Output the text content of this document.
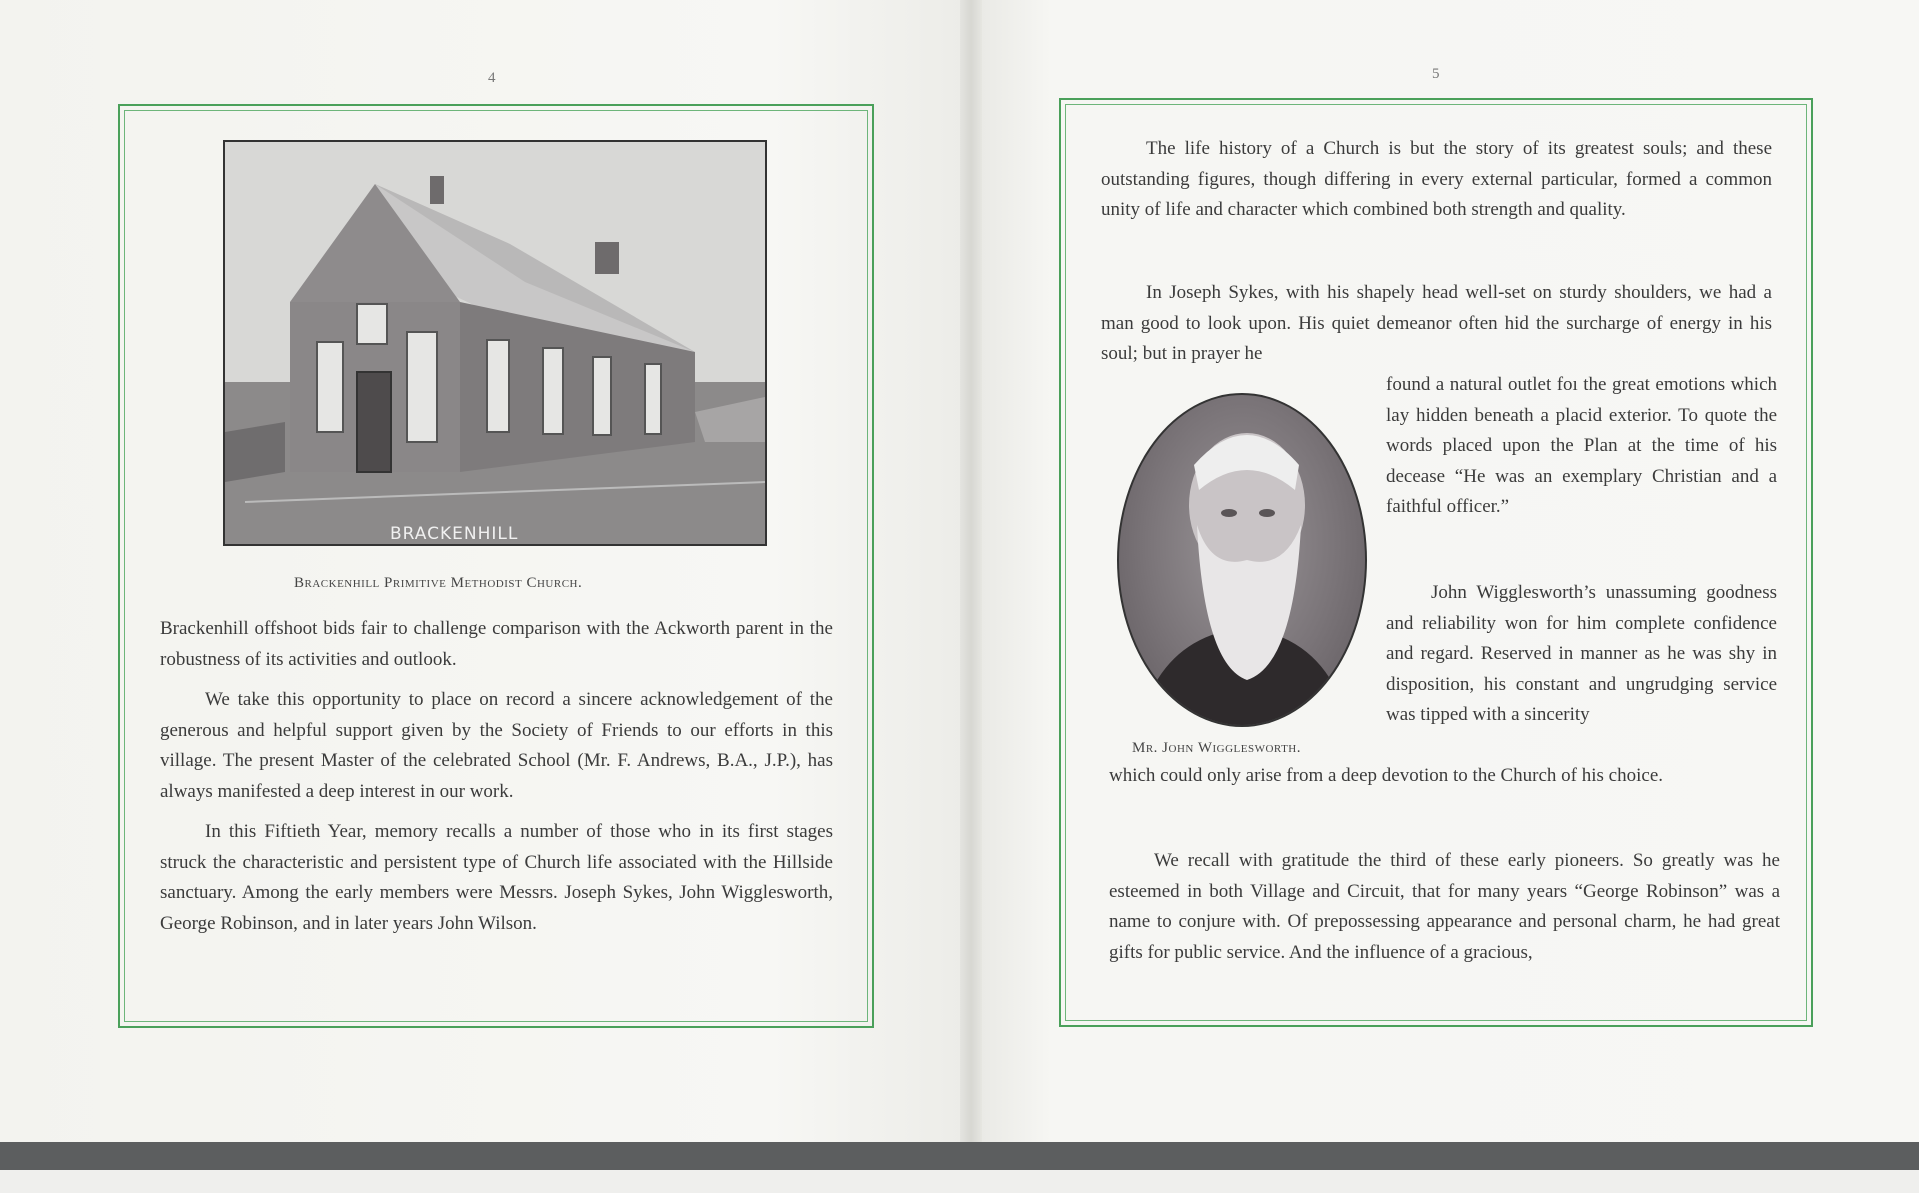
4
BRACKENHILL
Brackenhill Primitive Methodist Church.

Brackenhill offshoot bids fair to challenge comparison with the Ackworth parent in the robustness of its activities and outlook.

We take this opportunity to place on record a sincere acknowledgement of the generous and helpful support given by the Society of Friends to our efforts in this village. The present Master of the celebrated School (Mr. F. Andrews, B.A., J.P.), has always manifested a deep interest in our work.

In this Fiftieth Year, memory recalls a number of those who in its first stages struck the characteristic and persistent type of Church life associated with the Hillside sanctuary. Among the early members were Messrs. Joseph Sykes, John Wigglesworth, George Robinson, and in later years John Wilson.

5

The life history of a Church is but the story of its greatest souls; and these outstanding figures, though differing in every external particular, formed a common unity of life and character which combined both strength and quality.

In Joseph Sykes, with his shapely head well-set on sturdy shoulders, we had a man good to look upon. His quiet demeanor often hid the surcharge of energy in his soul; but in prayer he

found a natural outlet foı the great emotions which lay hidden beneath a placid exterior. To quote the words placed upon the Plan at the time of his decease “He was an exemplary Christian and a faithful officer.”

John Wigglesworth’s unassuming goodness and reliability won for him complete confidence and regard. Reserved in manner as he was shy in disposition, his constant and ungrudging service was tipped with a sincerity

Mr. John Wigglesworth.

which could only arise from a deep devotion to the Church of his choice.

We recall with gratitude the third of these early pioneers. So greatly was he esteemed in both Village and Circuit, that for many years “George Robinson” was a name to conjure with. Of prepossessing appearance and personal charm, he had great gifts for public service. And the influence of a gracious,
